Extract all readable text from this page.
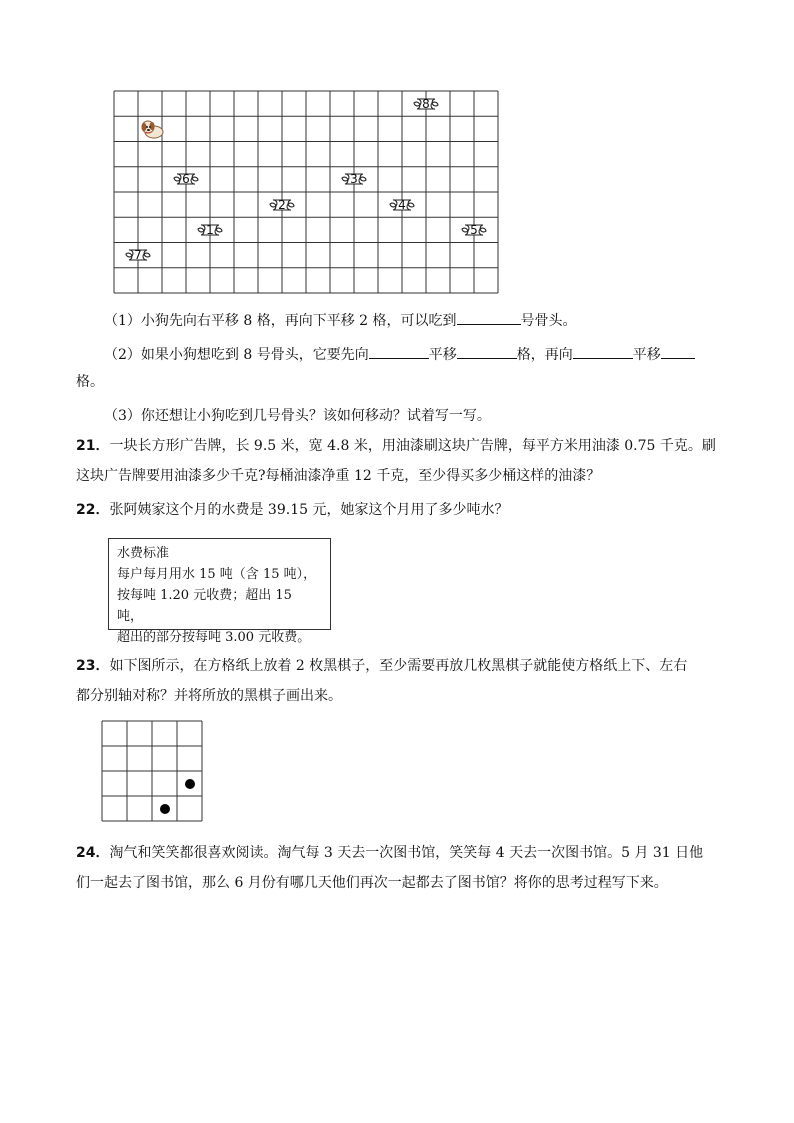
8
6	3
2	4
1	5
7
（1）小狗先向右平移 8 格，再向下平移 2 格，可以吃到	号骨头。
（2）如果小狗想吃到 8 号骨头，它要先向	平移	格，再向	平移
格。
（3）你还想让小狗吃到几号骨头？该如何移动？试着写一写。
21．一块长方形广告牌，长 9.5 米，宽 4.8 米，用油漆刷这块广告牌，每平方米用油漆 0.75 千克。刷
这块广告牌要用油漆多少千克?每桶油漆净重 12 千克，至少得买多少桶这样的油漆？
22．张阿姨家这个月的水费是 39.15 元，她家这个月用了多少吨水？
水费标准
每户每月用水 15 吨（含 15 吨），
按每吨 1.20 元收费；超出 15 吨，
超出的部分按每吨 3.00 元收费。
23．如下图所示，在方格纸上放着 2 枚黑棋子，至少需要再放几枚黑棋子就能使方格纸上下、左右
都分别轴对称？并将所放的黑棋子画出来。
24．淘气和笑笑都很喜欢阅读。淘气每 3 天去一次图书馆，笑笑每 4 天去一次图书馆。5 月 31 日他
们一起去了图书馆，那么 6 月份有哪几天他们再次一起都去了图书馆？将你的思考过程写下来。
